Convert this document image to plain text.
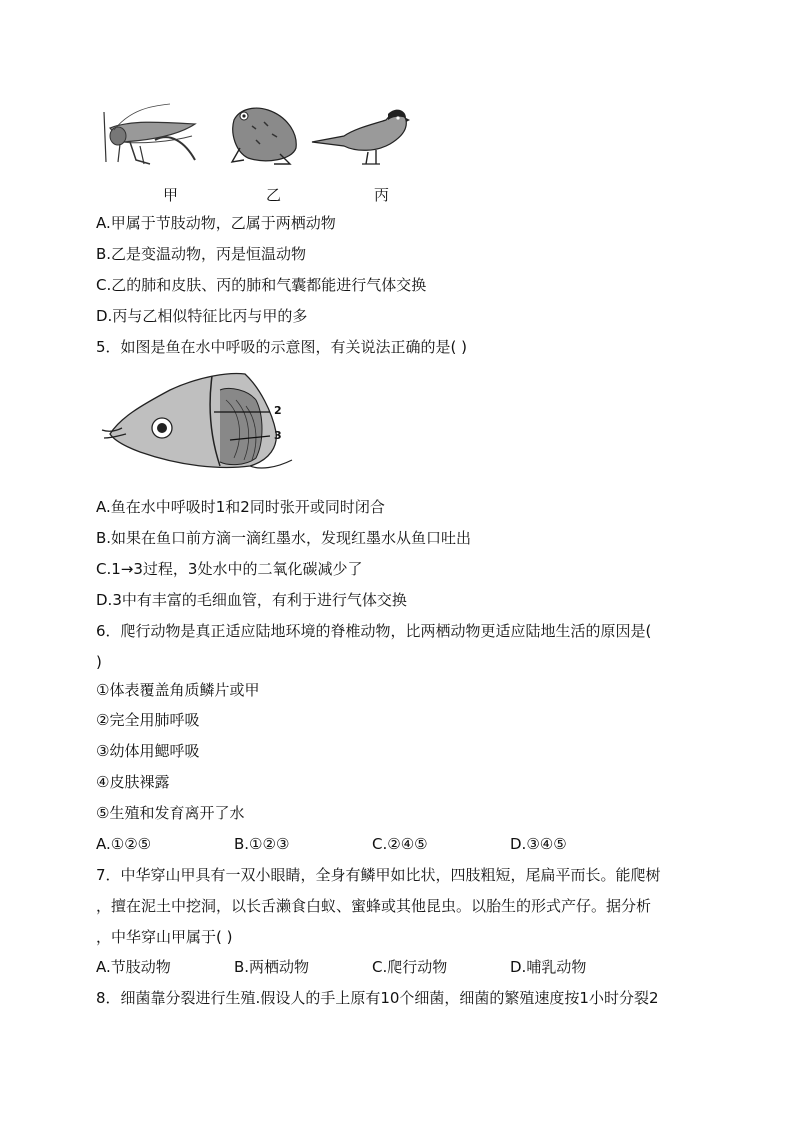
甲	乙	丙
A.甲属于节肢动物，乙属于两栖动物
B.乙是变温动物，丙是恒温动物
C.乙的肺和皮肤、丙的肺和气囊都能进行气体交换
D.丙与乙相似特征比丙与甲的多
5．如图是鱼在水中呼吸的示意图，有关说法正确的是( )
2
3
A.鱼在水中呼吸时1和2同时张开或同时闭合
B.如果在鱼口前方滴一滴红墨水，发现红墨水从鱼口吐出
C.1→3过程，3处水中的二氧化碳减少了
D.3中有丰富的毛细血管，有利于进行气体交换
6．爬行动物是真正适应陆地环境的脊椎动物，比两栖动物更适应陆地生活的原因是(
)
①体表覆盖角质鳞片或甲
②完全用肺呼吸
③幼体用鳃呼吸
④皮肤裸露
⑤生殖和发育离开了水
A.①②⑤	B.①②③	C.②④⑤	D.③④⑤
7．中华穿山甲具有一双小眼睛，全身有鳞甲如比状，四肢粗短，尾扁平而长。能爬树
，擅在泥土中挖洞，以长舌濑食白蚁、蜜蜂或其他昆虫。以胎生的形式产仔。据分析
，中华穿山甲属于( )
A.节肢动物	B.两栖动物	C.爬行动物	D.哺乳动物
8．细菌靠分裂进行生殖.假设人的手上原有10个细菌，细菌的繁殖速度按1小时分裂2
